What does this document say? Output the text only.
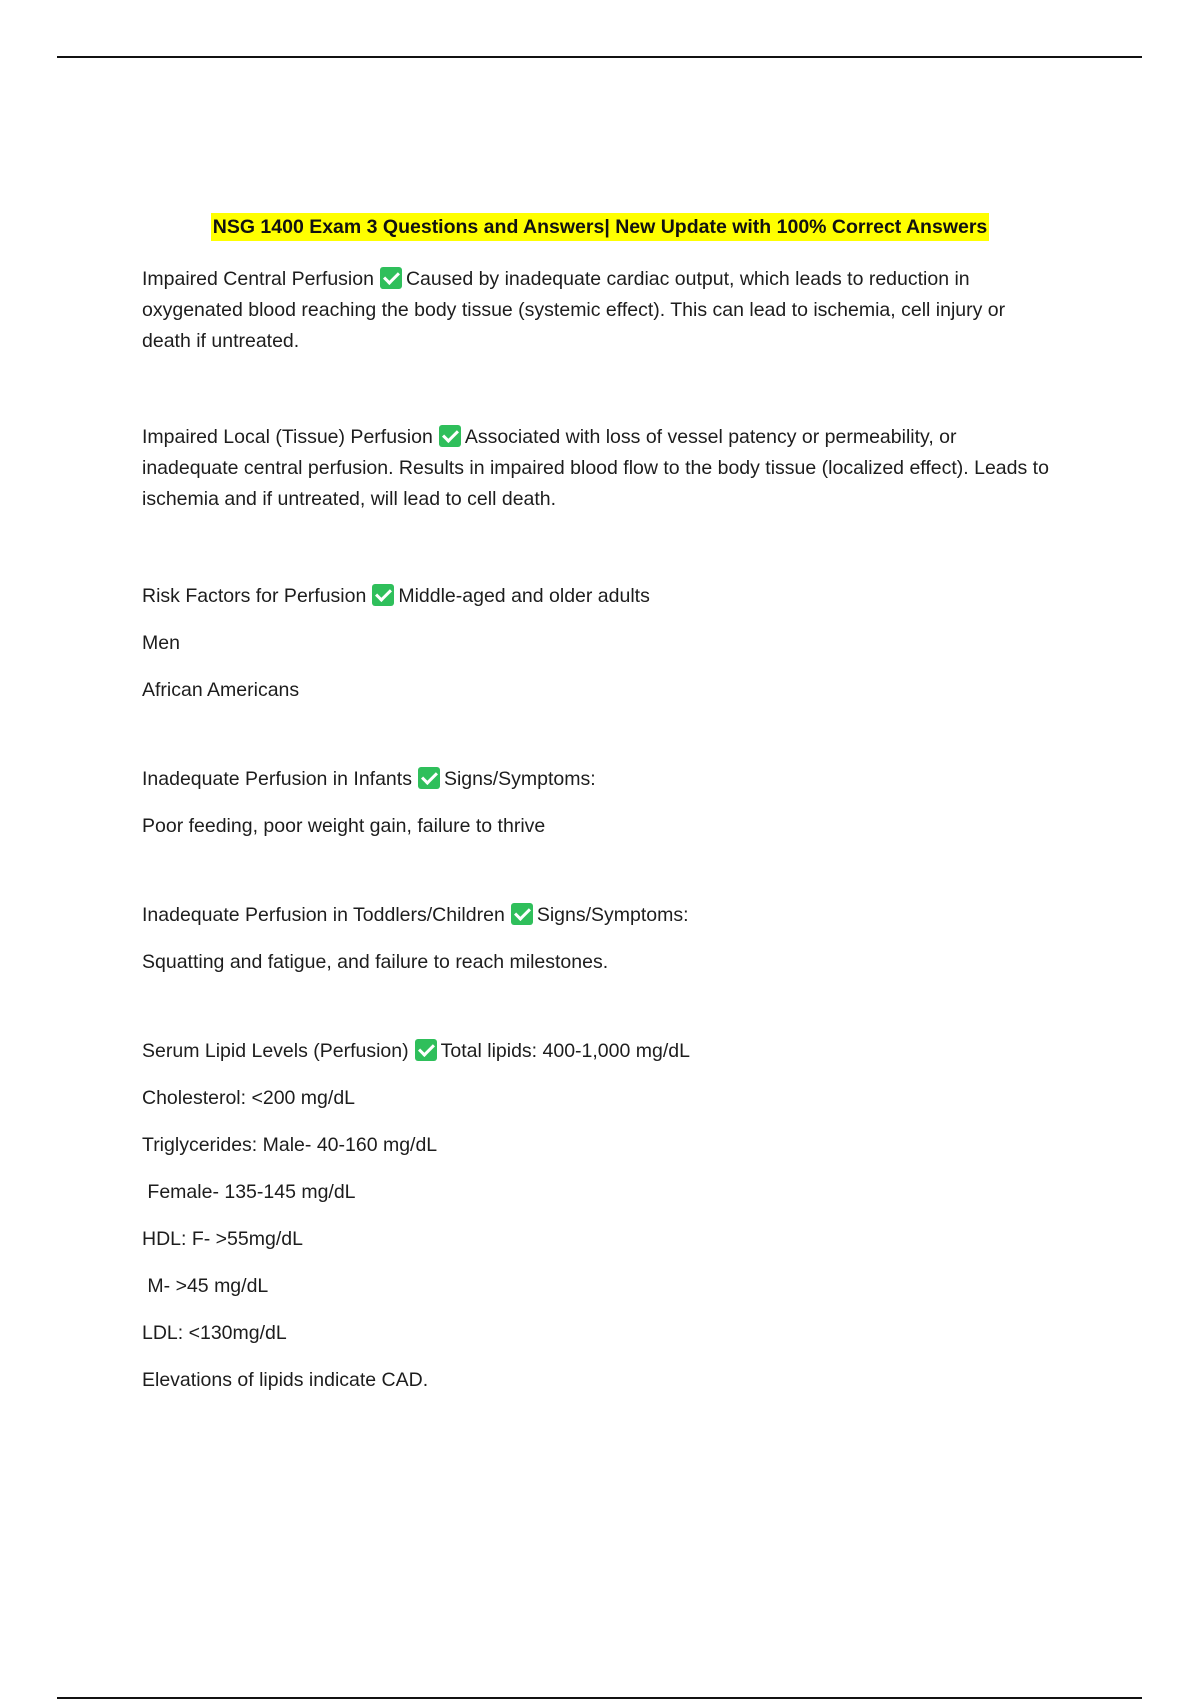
NSG 1400 Exam 3 Questions and Answers| New Update with 100% Correct Answers

Impaired Central Perfusion Caused by inadequate cardiac output, which leads to reduction in oxygenated blood reaching the body tissue (systemic effect). This can lead to ischemia, cell injury or death if untreated.

Impaired Local (Tissue) Perfusion Associated with loss of vessel patency or permeability, or inadequate central perfusion. Results in impaired blood flow to the body tissue (localized effect). Leads to ischemia and if untreated, will lead to cell death.

Risk Factors for Perfusion Middle-aged and older adults

Men

African Americans

Inadequate Perfusion in Infants Signs/Symptoms:

Poor feeding, poor weight gain, failure to thrive

Inadequate Perfusion in Toddlers/Children Signs/Symptoms:

Squatting and fatigue, and failure to reach milestones.

Serum Lipid Levels (Perfusion) Total lipids: 400-1,000 mg/dL

Cholesterol: <200 mg/dL

Triglycerides: Male- 40-160 mg/dL

Female- 135-145 mg/dL

HDL: F- >55mg/dL

M- >45 mg/dL

LDL: <130mg/dL

Elevations of lipids indicate CAD.
